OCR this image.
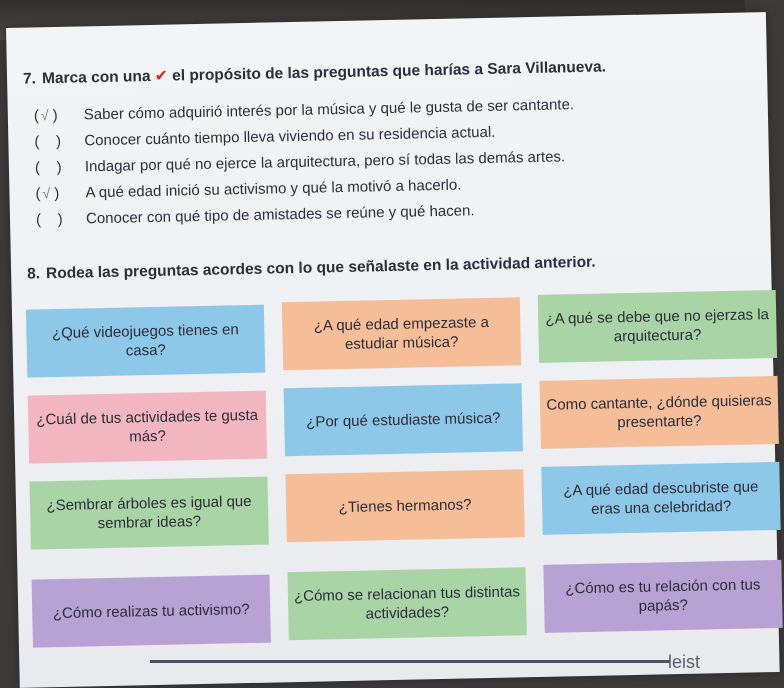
7. Marca con una ✔ el propósito de las preguntas que harías a Sara Villanueva.
( √ ) Saber cómo adquirió interés por la música y qué le gusta de ser cantante.
(    ) Conocer cuánto tiempo lleva viviendo en su residencia actual.
(    ) Indagar por qué no ejerce la arquitectura, pero sí todas las demás artes.
( √ ) A qué edad inició su activismo y qué la motivó a hacerlo.
(    ) Conocer con qué tipo de amistades se reúne y qué hacen.
8. Rodea las preguntas acordes con lo que señalaste en la actividad anterior.
¿Qué videojuegos tienes en casa?
¿A qué edad empezaste a estudiar música?
¿A qué se debe que no ejerzas la arquitectura?
¿Cuál de tus actividades te gusta más?
¿Por qué estudiaste música?
Como cantante, ¿dónde quisieras presentarte?
¿Sembrar árboles es igual que sembrar ideas?
¿Tienes hermanos?
¿A qué edad descubriste que eras una celebridad?
¿Cómo realizas tu activismo?
¿Cómo se relacionan tus distintas actividades?
¿Cómo es tu relación con tus papás?
leist
